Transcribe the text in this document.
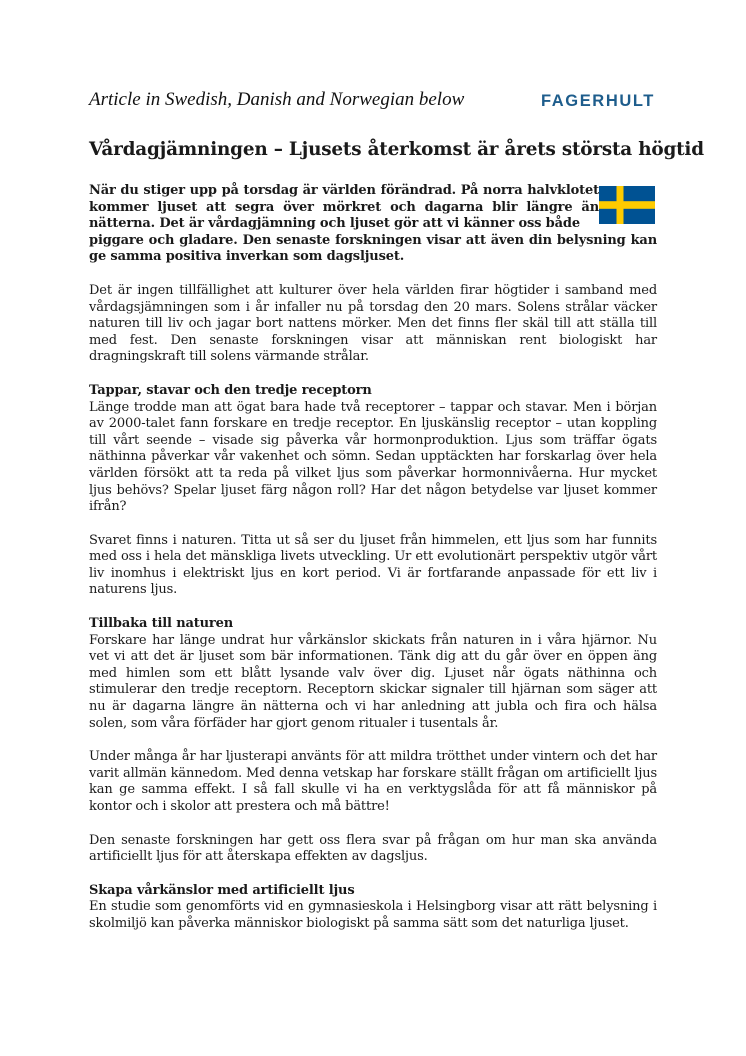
Article in Swedish, Danish and Norwegian below	FAGERHULT
Vårdagjämningen – Ljusets återkomst är årets största högtid

När du stiger upp på torsdag är världen förändrad. På norra halvklotet kommer ljuset att segra över mörkret och dagarna blir längre än nätterna. Det är vårdagjämning och ljuset gör att vi känner oss både

piggare och gladare. Den senaste forskningen visar att även din belysning kan ge samma positiva inverkan som dagsljuset.

Det är ingen tillfällighet att kulturer över hela världen firar högtider i samband med vårdagsjämningen som i år infaller nu på torsdag den 20 mars. Solens strålar väcker naturen till liv och jagar bort nattens mörker. Men det finns fler skäl till att ställa till med fest. Den senaste forskningen visar att människan rent biologiskt har dragningskraft till solens värmande strålar.

Tappar, stavar och den tredje receptorn

Länge trodde man att ögat bara hade två receptorer – tappar och stavar. Men i början av 2000-talet fann forskare en tredje receptor. En ljuskänslig receptor – utan koppling till vårt seende – visade sig påverka vår hormonproduktion. Ljus som träffar ögats näthinna påverkar vår vakenhet och sömn. Sedan upptäckten har forskarlag över hela världen försökt att ta reda på vilket ljus som påverkar hormonnivåerna. Hur mycket ljus behövs? Spelar ljuset färg någon roll? Har det någon betydelse var ljuset kommer ifrån?

Svaret finns i naturen. Titta ut så ser du ljuset från himmelen, ett ljus som har funnits med oss i hela det mänskliga livets utveckling. Ur ett evolutionärt perspektiv utgör vårt liv inomhus i elektriskt ljus en kort period. Vi är fortfarande anpassade för ett liv i naturens ljus.

Tillbaka till naturen

Forskare har länge undrat hur vårkänslor skickats från naturen in i våra hjärnor. Nu vet vi att det är ljuset som bär informationen. Tänk dig att du går över en öppen äng med himlen som ett blått lysande valv över dig. Ljuset når ögats näthinna och stimulerar den tredje receptorn. Receptorn skickar signaler till hjärnan som säger att nu är dagarna längre än nätterna och vi har anledning att jubla och fira och hälsa solen, som våra förfäder har gjort genom ritualer i tusentals år.

Under många år har ljusterapi använts för att mildra trötthet under vintern och det har varit allmän kännedom. Med denna vetskap har forskare ställt frågan om artificiellt ljus kan ge samma effekt. I så fall skulle vi ha en verktygslåda för att få människor på kontor och i skolor att prestera och må bättre!

Den senaste forskningen har gett oss flera svar på frågan om hur man ska använda artificiellt ljus för att återskapa effekten av dagsljus.

Skapa vårkänslor med artificiellt ljus

En studie som genomförts vid en gymnasieskola i Helsingborg visar att rätt belysning i skolmiljö kan påverka människor biologiskt på samma sätt som det naturliga ljuset.
